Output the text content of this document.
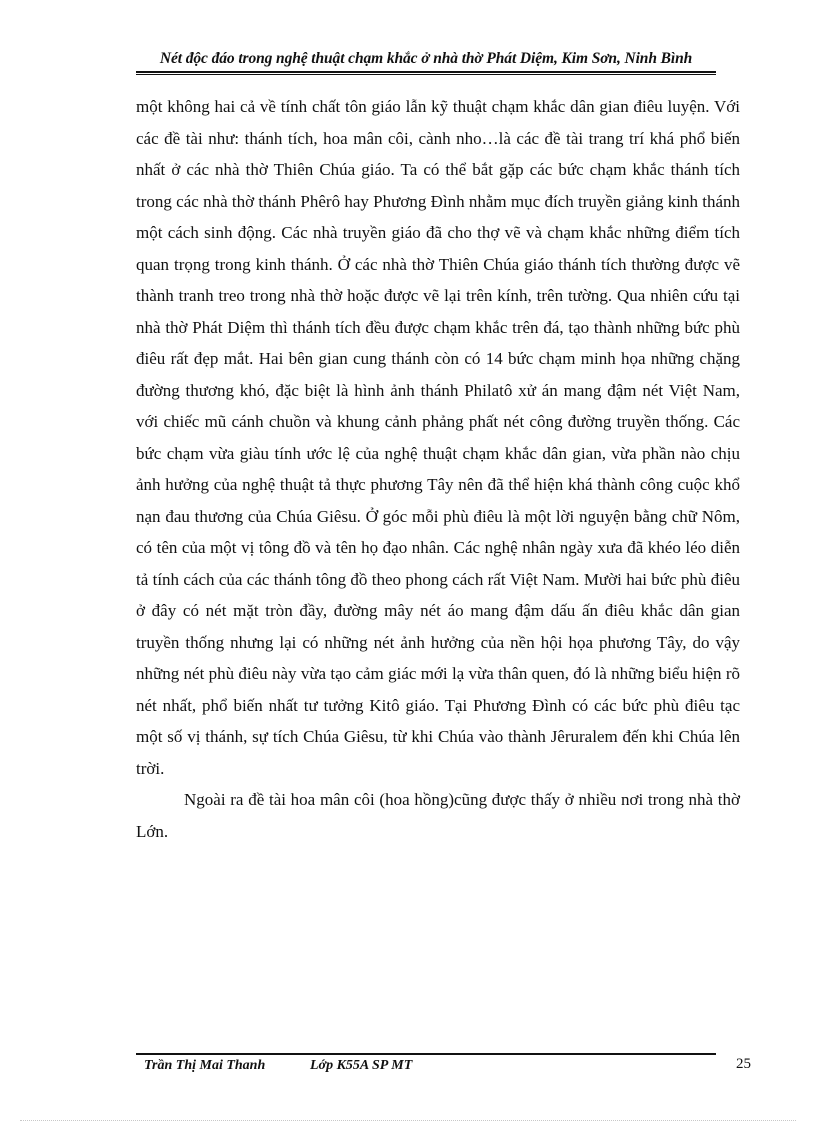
Nét độc đáo trong nghệ thuật chạm khắc ở nhà thờ Phát Diệm, Kim Sơn, Ninh Bình

một không hai cả về tính chất tôn giáo lẫn kỹ thuật chạm khắc dân gian điêu luyện. Với các đề tài như: thánh tích, hoa mân côi, cành nho…là các đề tài trang trí khá phổ biến nhất ở các nhà thờ Thiên Chúa giáo. Ta có thể bắt gặp các bức chạm khắc thánh tích trong các nhà thờ thánh Phêrô hay Phương Đình nhằm mục đích truyền giảng kinh thánh một cách sinh động. Các nhà truyền giáo đã cho thợ vẽ và chạm khắc những điểm tích quan trọng trong kinh thánh. Ở các nhà thờ Thiên Chúa giáo thánh tích thường được vẽ thành tranh treo trong nhà thờ hoặc được vẽ lại trên kính, trên tường. Qua nhiên cứu tại nhà thờ Phát Diệm thì thánh tích đều được chạm khắc trên đá, tạo thành những bức phù điêu rất đẹp mắt. Hai bên gian cung thánh còn có 14 bức chạm minh họa những chặng đường thương khó, đặc biệt là hình ảnh thánh Philatô xử án mang đậm nét Việt Nam, với chiếc mũ cánh chuồn và khung cảnh phảng phất nét công đường truyền thống. Các bức chạm vừa giàu tính ước lệ của nghệ thuật chạm khắc dân gian, vừa phần nào chịu ảnh hưởng của nghệ thuật tả thực phương Tây nên đã thể hiện khá thành công cuộc khổ nạn đau thương của Chúa Giêsu. Ở góc mỗi phù điêu là một lời nguyện bằng chữ Nôm, có tên của một vị tông đồ và tên họ đạo nhân. Các nghệ nhân ngày xưa đã khéo léo diễn tả tính cách của các thánh tông đồ theo phong cách rất Việt Nam. Mười hai bức phù điêu ở đây có nét mặt tròn đầy, đường mây nét áo mang đậm dấu ấn điêu khắc dân gian truyền thống nhưng lại có những nét ảnh hưởng của nền hội họa phương Tây, do vậy những nét phù điêu này vừa tạo cảm giác mới lạ vừa thân quen, đó là những biểu hiện rõ nét nhất, phổ biến nhất tư tưởng Kitô giáo. Tại Phương Đình có các bức phù điêu tạc một số vị thánh, sự tích Chúa Giêsu, từ khi Chúa vào thành Jêruralem đến khi Chúa lên trời.

Ngoài ra đề tài hoa mân côi (hoa hồng)cũng được thấy ở nhiều nơi trong nhà thờ Lớn.

Trần Thị Mai Thanh	Lớp K55A SP MT	25
